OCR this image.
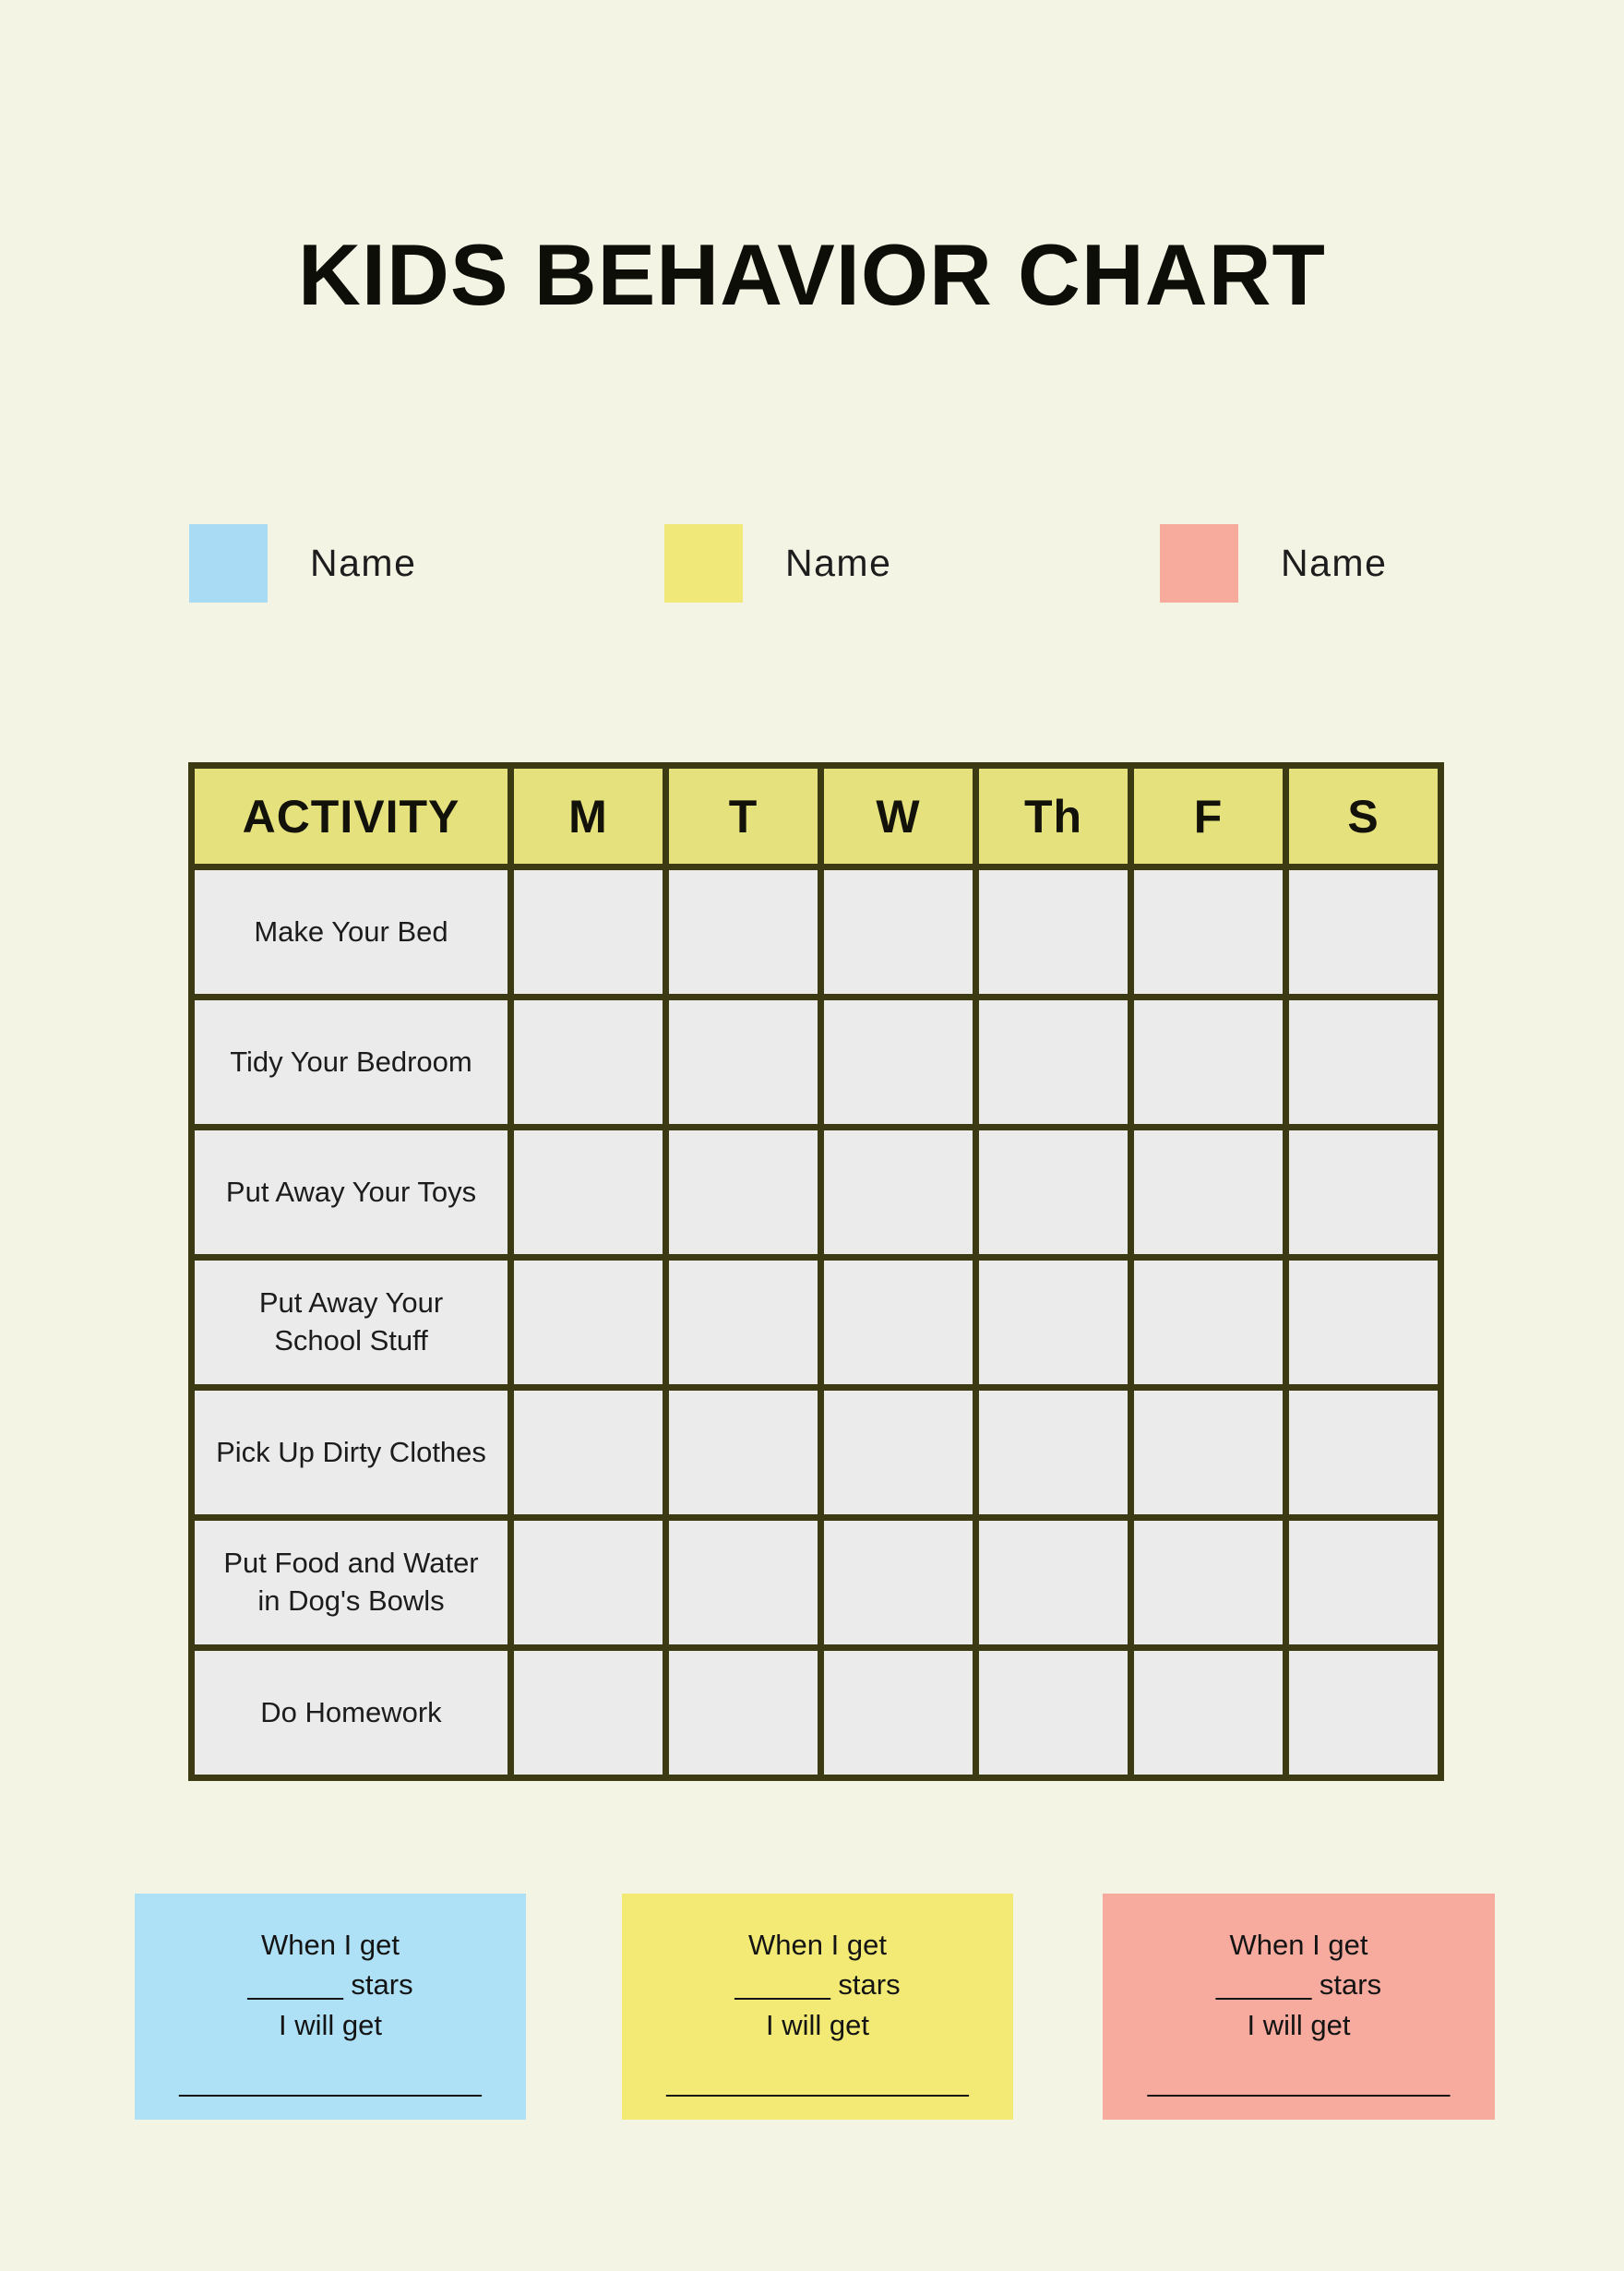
KIDS BEHAVIOR CHART
Name	Name	Name
ACTIVITY	M	T	W	Th	F	S
Make Your Bed						
Tidy Your Bedroom						
Put Away Your Toys						
Put Away Your School Stuff						
Pick Up Dirty Clothes						
Put Food and Water in Dog's Bowls						
Do Homework						
When I get
______ stars
I will get
___________________
When I get
______ stars
I will get
___________________
When I get
______ stars
I will get
___________________
